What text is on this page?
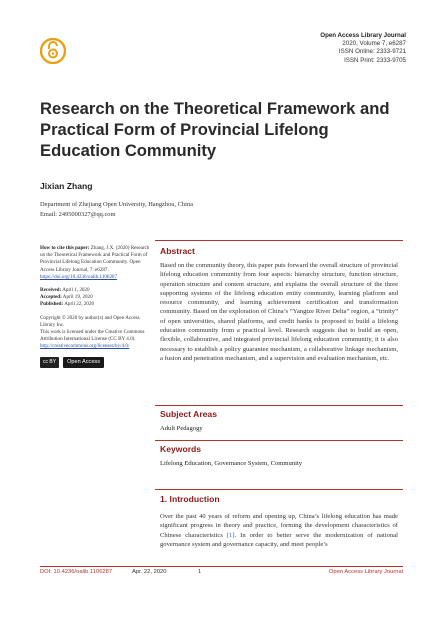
Open Access Library Journal
2020, Volume 7, e6287
ISSN Online: 2333-9721
ISSN Print: 2333-9705
Research on the Theoretical Framework and Practical Form of Provincial Lifelong Education Community
Jixian Zhang
Department of Zhejiang Open University, Hangzhou, China
Email: 2495000327@qq.com
How to cite this paper: Zhang, J.X. (2020) Research on the Theoretical Framework and Practical Form of Provincial Lifelong Education Community. Open Access Library Journal, 7: e6287.
https://doi.org/10.4236/oalib.1106287
Received: April 1, 2020
Accepted: April 19, 2020
Published: April 22, 2020
Copyright © 2020 by author(s) and Open Access Library Inc.
This work is licensed under the Creative Commons Attribution International License (CC BY 4.0).
http://creativecommons.org/licenses/by/4.0/
cc BY	Open Access
Abstract
Based on the community theory, this paper puts forward the overall structure of provincial lifelong education community from four aspects: hierarchy structure, function structure, operation structure and content structure, and explains the overall structure of the three supporting systems of the lifelong education entity community, learning platform and resource community, and learning achievement certification and transformation community. Based on the exploration of China’s “Yangtze River Delta” region, a “trinity” of open universities, shared platforms, and credit banks is proposed to build a lifelong education community from a practical level. Research suggests that to build an open, flexible, collaborative, and integrated provincial lifelong education community, it is also necessary to establish a policy guarantee mechanism, a collaborative linkage mechanism, a fusion and penetration mechanism, and a supervision and evaluation mechanism, etc.
Subject Areas
Adult Pedagogy
Keywords
Lifelong Education, Governance System, Community
1. Introduction
Over the past 40 years of reform and opening up, China’s lifelong education has made significant progress in theory and practice, forming the development characteristics of Chinese characteristics [1]. In order to better serve the modernization of national governance system and governance capacity, and meet people’s
DOI: 10.4236/oalib.1106287	Apr. 22, 2020	1	Open Access Library Journal
